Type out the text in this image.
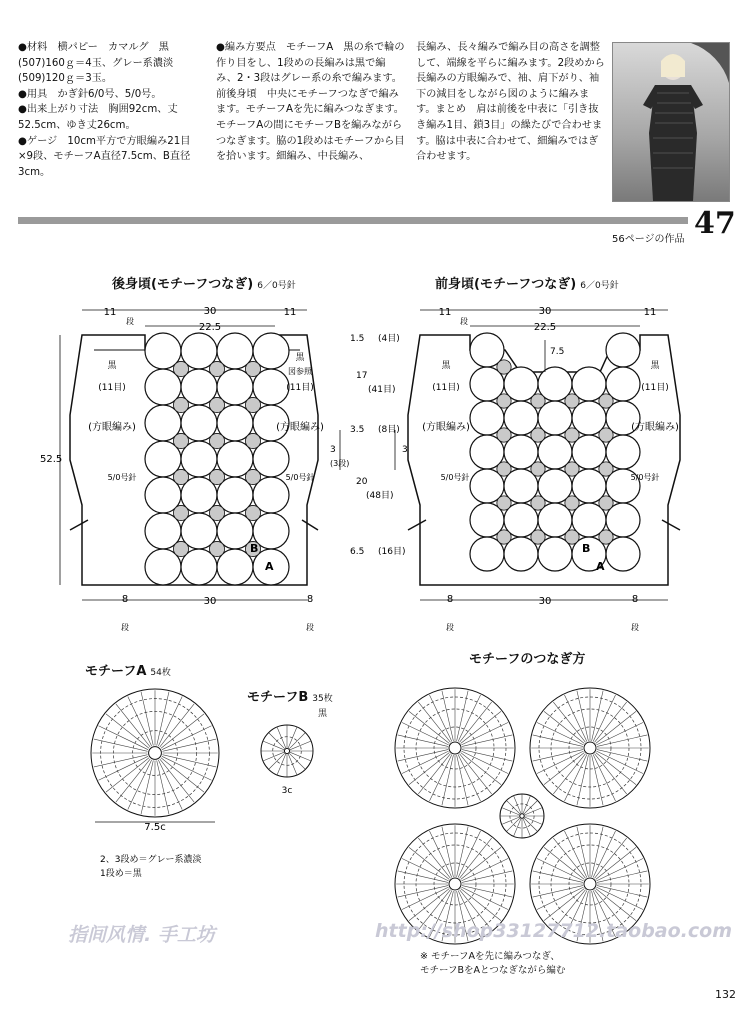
●材料　横パピー　カマルグ　黒(507)160ｇ＝4玉、グレー系濃淡(509)120ｇ＝3玉。

●用具　かぎ針6/0号、5/0号。

●出来上がり寸法　胸囲92cm、丈52.5cm、ゆき丈26cm。

●ゲージ　10cm平方で方眼編み21目×9段、モチーフA直径7.5cm、B直径3cm。

●編み方要点　モチーフA　黒の糸で輪の作り目をし、1段めの長編みは黒で編み、2・3段はグレー系の糸で編みます。前後身頃　中央にモチーフつなぎで編みます。モチーフAを先に編みつなぎます。モチーフAの間にモチーフBを編みながらつなぎます。脇の1段めはモチーフから目を拾います。細編み、中長編み、

長編み、長々編みで編み目の高さを調整して、端線を平らに編みます。2段めから長編みの方眼編みで、袖、肩下がり、袖下の減目をしながら図のように編みます。まとめ　肩は前後を中表に「引き抜き編み1目、鎖3目」の繰たびで合わせます。脇は中表に合わせて、細編みではぎ合わせます。

56ページの作品 47
後身頃(モチーフつなぎ) 6／0号針	前身頃(モチーフつなぎ) 6／0号針
モチーフA 54枚
モチーフB 35枚
モチーフのつなぎ方
11
段
30
22.5
11
52.5
8
段
30	8
段
黒
(11目)
(方眼編み)
5/0号針
黒
図参照
(11目)
(方眼編み)
5/0号針
3
(3段)
1.5 (4目)
17
(41目)
3.5 (8目)
20
(48目)
6.5 (16目)
11
段
30
22.5
7.5
11
8
段
30	8
段
黒
(11目)
(方眼編み)
5/0号針
黒
(11目)
(方眼編み)
5/0号針
3
B
A
B
A
7.5c
2、3段め＝グレー系濃淡
1段め＝黒
黒
3c
※ モチーフAを先に編みつなぎ、
モチーフBをAとつなぎながら編む
指间风情. 手工坊	http://shop33127712.taobao.com
132
